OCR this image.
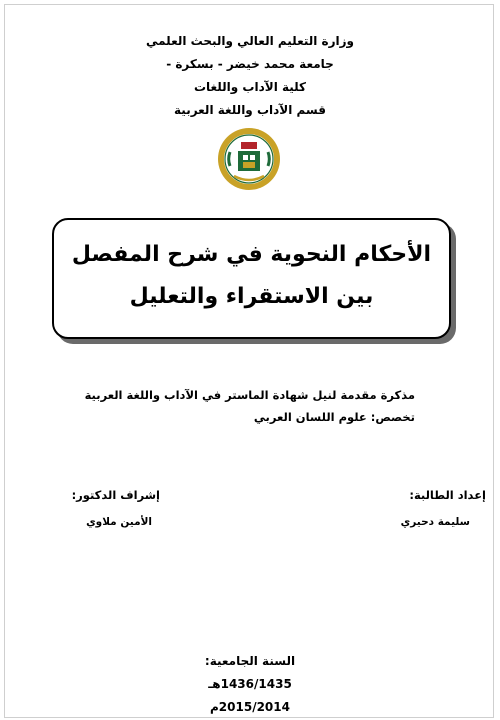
وزارة التعليم العالي والبحث العلمي
جامعة محمد خيضر - بسكرة -
كلية الآداب واللغات
قسم الآداب واللغة العربية
الأحكام النحوية في شرح المفصل
بين الاستقراء والتعليل
مذكرة مقدمة لنيل شهادة الماستر في الآداب واللغة العربية
تخصص: علوم اللسان العربي
إعداد الطالبة:
سليمة دحيري
إشراف الدكتور:
الأمين ملاوي
السنة الجامعية:
1436/1435هـ
2015/2014م
